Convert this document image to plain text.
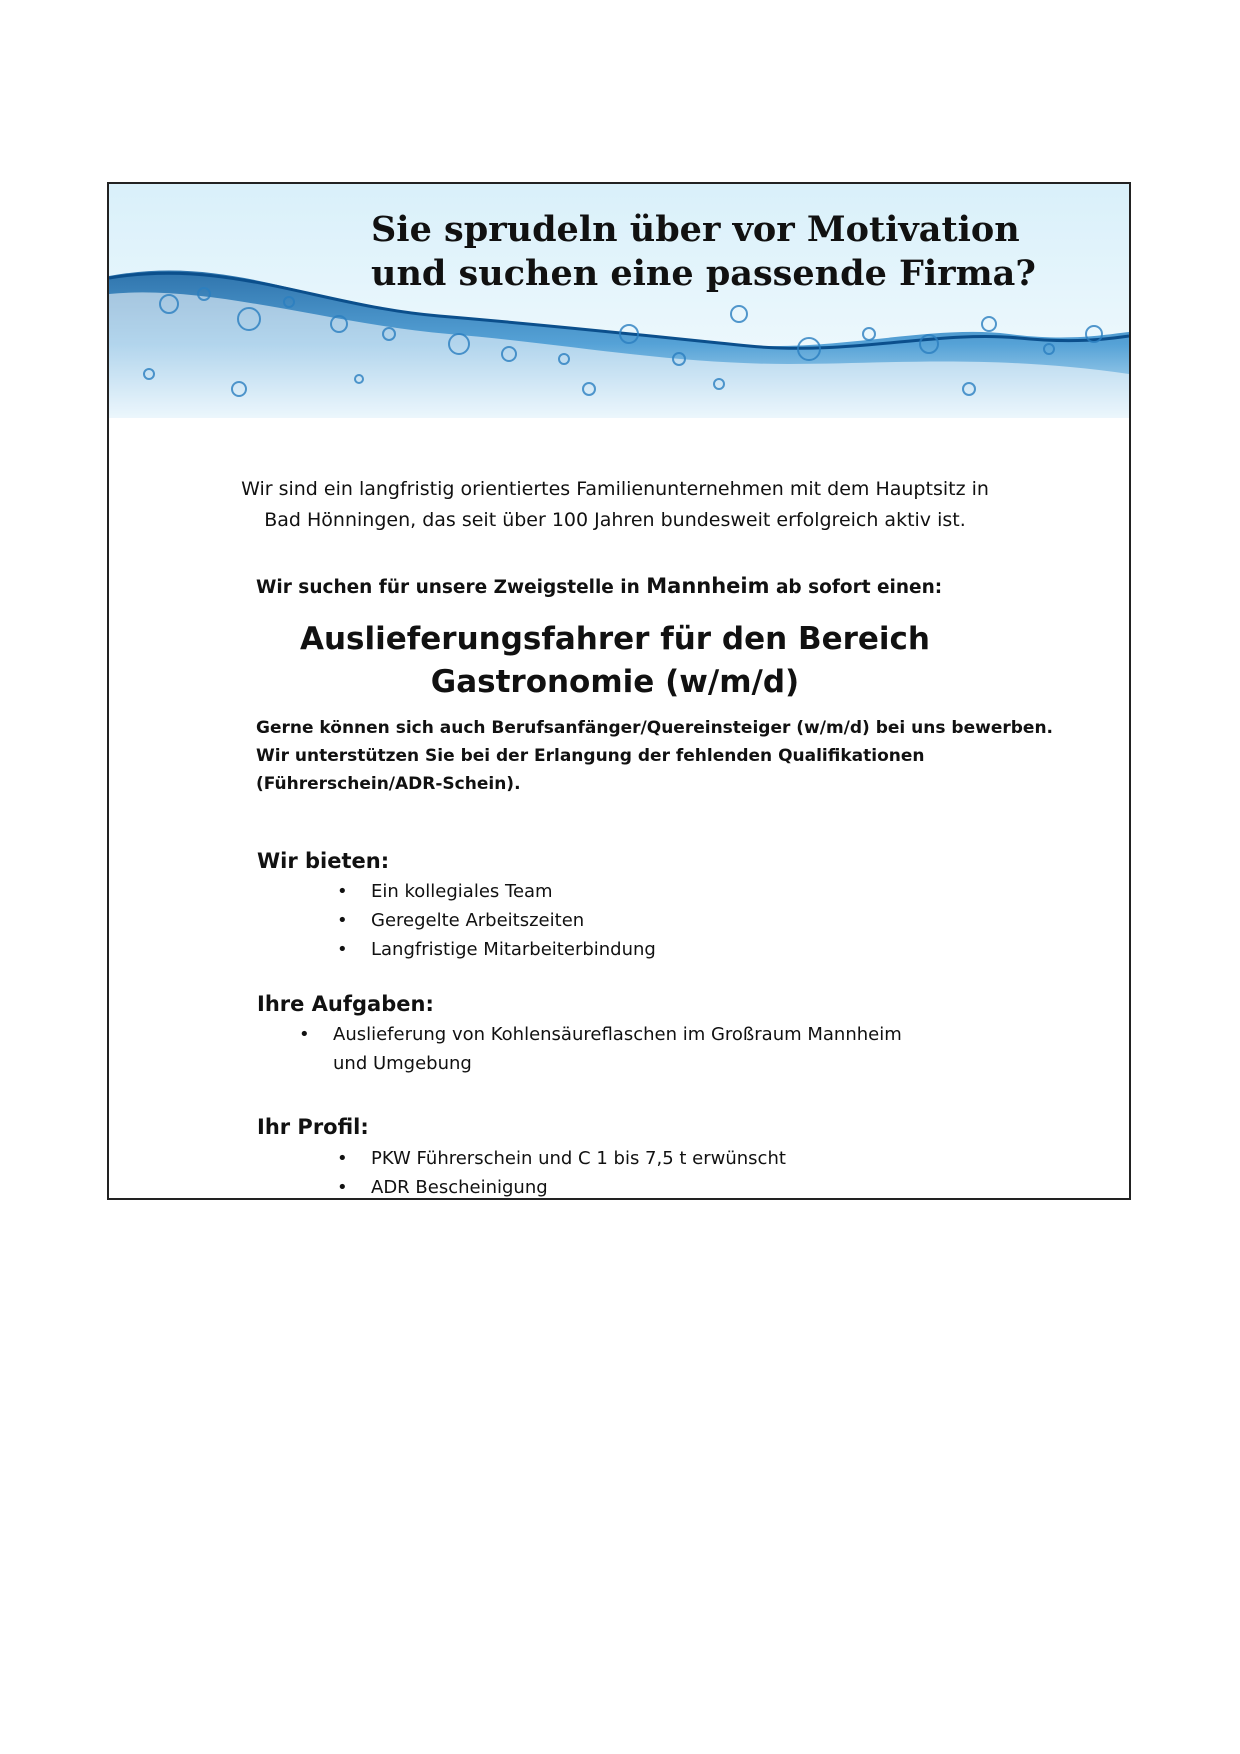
Sie sprudeln über vor Motivation
und suchen eine passende Firma?

Wir sind ein langfristig orientiertes Familienunternehmen mit dem Hauptsitz in
Bad Hönningen, das seit über 100 Jahren bundesweit erfolgreich aktiv ist.

Wir suchen für unsere Zweigstelle in Mannheim ab sofort einen:

Auslieferungsfahrer für den Bereich
Gastronomie (w/m/d)

Gerne können sich auch Berufsanfänger/Quereinsteiger (w/m/d) bei uns bewerben.
Wir unterstützen Sie bei der Erlangung der fehlenden Qualifikationen
(Führerschein/ADR-Schein).

Wir bieten:
• Ein kollegiales Team
• Geregelte Arbeitszeiten
• Langfristige Mitarbeiterbindung
Ihre Aufgaben:
• Auslieferung von Kohlensäureflaschen im Großraum Mannheim
und Umgebung
Ihr Profil:
• PKW Führerschein und C 1 bis 7,5 t erwünscht
• ADR Bescheinigung
